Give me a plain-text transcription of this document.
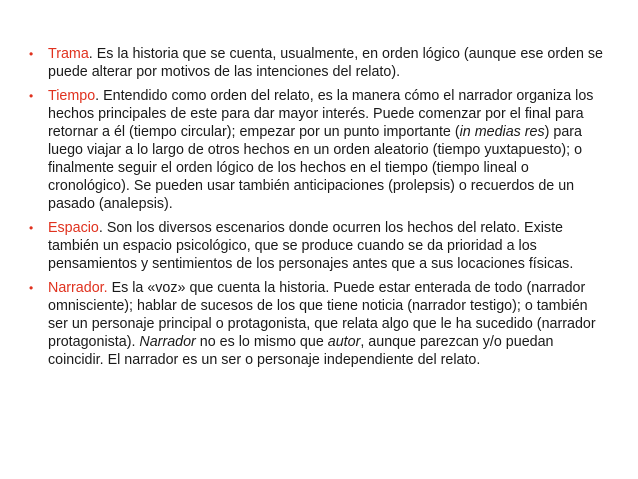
• Trama. Es la historia que se cuenta, usualmente, en orden lógico (aunque ese orden se puede alterar por motivos de las intenciones del relato).
• Tiempo. Entendido como orden del relato, es la manera cómo el narrador organiza los hechos principales de este para dar mayor interés. Puede comenzar por el final para retornar a él (tiempo circular); empezar por un punto importante (in medias res) para luego viajar a lo largo de otros hechos en un orden aleatorio (tiempo yuxtapuesto); o finalmente seguir el orden lógico de los hechos en el tiempo (tiempo lineal o cronológico). Se pueden usar también anticipaciones (prolepsis) o recuerdos de un pasado (analepsis).
• Espacio. Son los diversos escenarios donde ocurren los hechos del relato. Existe también un espacio psicológico, que se produce cuando se da prioridad a los pensamientos y sentimientos de los personajes antes que a sus locaciones físicas.
• Narrador. Es la «voz» que cuenta la historia. Puede estar enterada de todo (narrador omnisciente); hablar de sucesos de los que tiene noticia (narrador testigo); o también ser un personaje principal o protagonista, que relata algo que le ha sucedido (narrador protagonista). Narrador no es lo mismo que autor, aunque parezcan y/o puedan coincidir. El narrador es un ser o personaje independiente del relato.
